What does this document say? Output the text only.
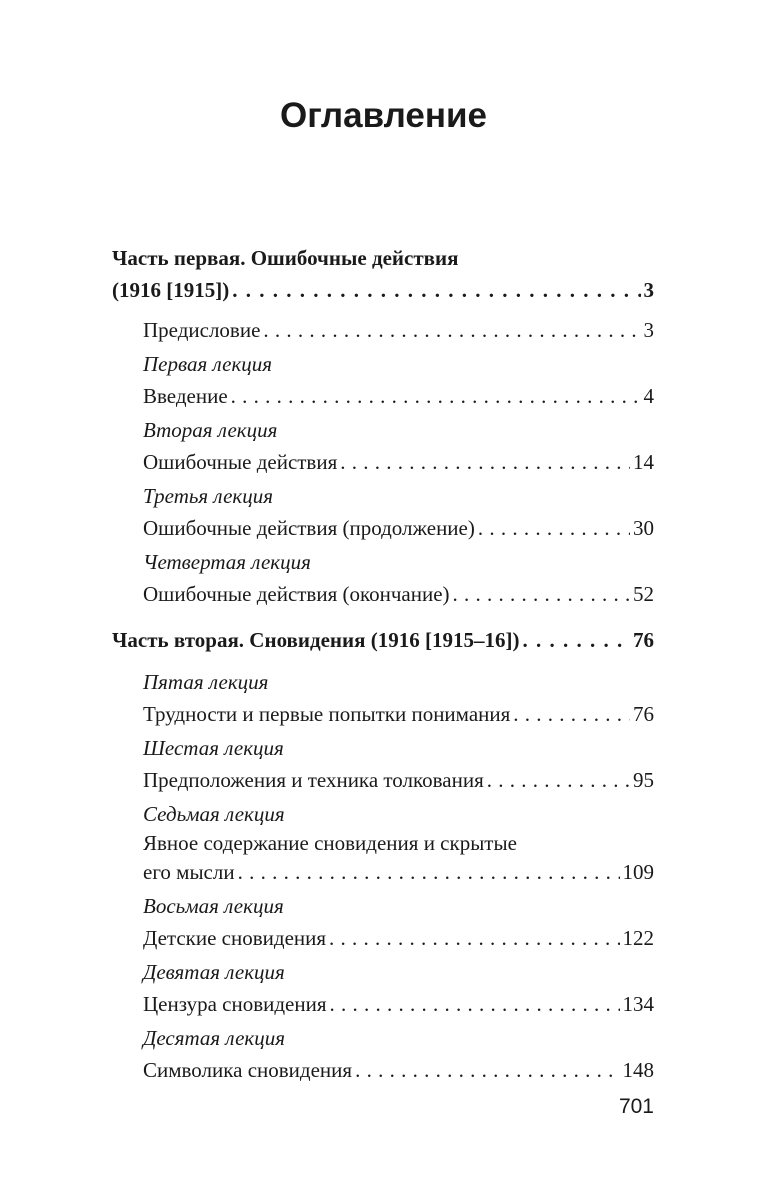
Оглавление
Часть первая. Ошибочные действия
(1916 [1915]) . . .	3
Предисловие . . .	3
Первая лекция
Введение . . .	4
Вторая лекция
Ошибочные действия . . .	14
Третья лекция
Ошибочные действия (продолжение) . . .	30
Четвертая лекция
Ошибочные действия (окончание) . . .	52
Часть вторая. Сновидения (1916 [1915–16]) . . .	76
Пятая лекция
Трудности и первые попытки понимания . . .	76
Шестая лекция
Предположения и техника толкования . . .	95
Седьмая лекция
Явное содержание сновидения и скрытые
его мысли . . .	109
Восьмая лекция
Детские сновидения . . .	122
Девятая лекция
Цензура сновидения . . .	134
Десятая лекция
Символика сновидения . . .	148
701
